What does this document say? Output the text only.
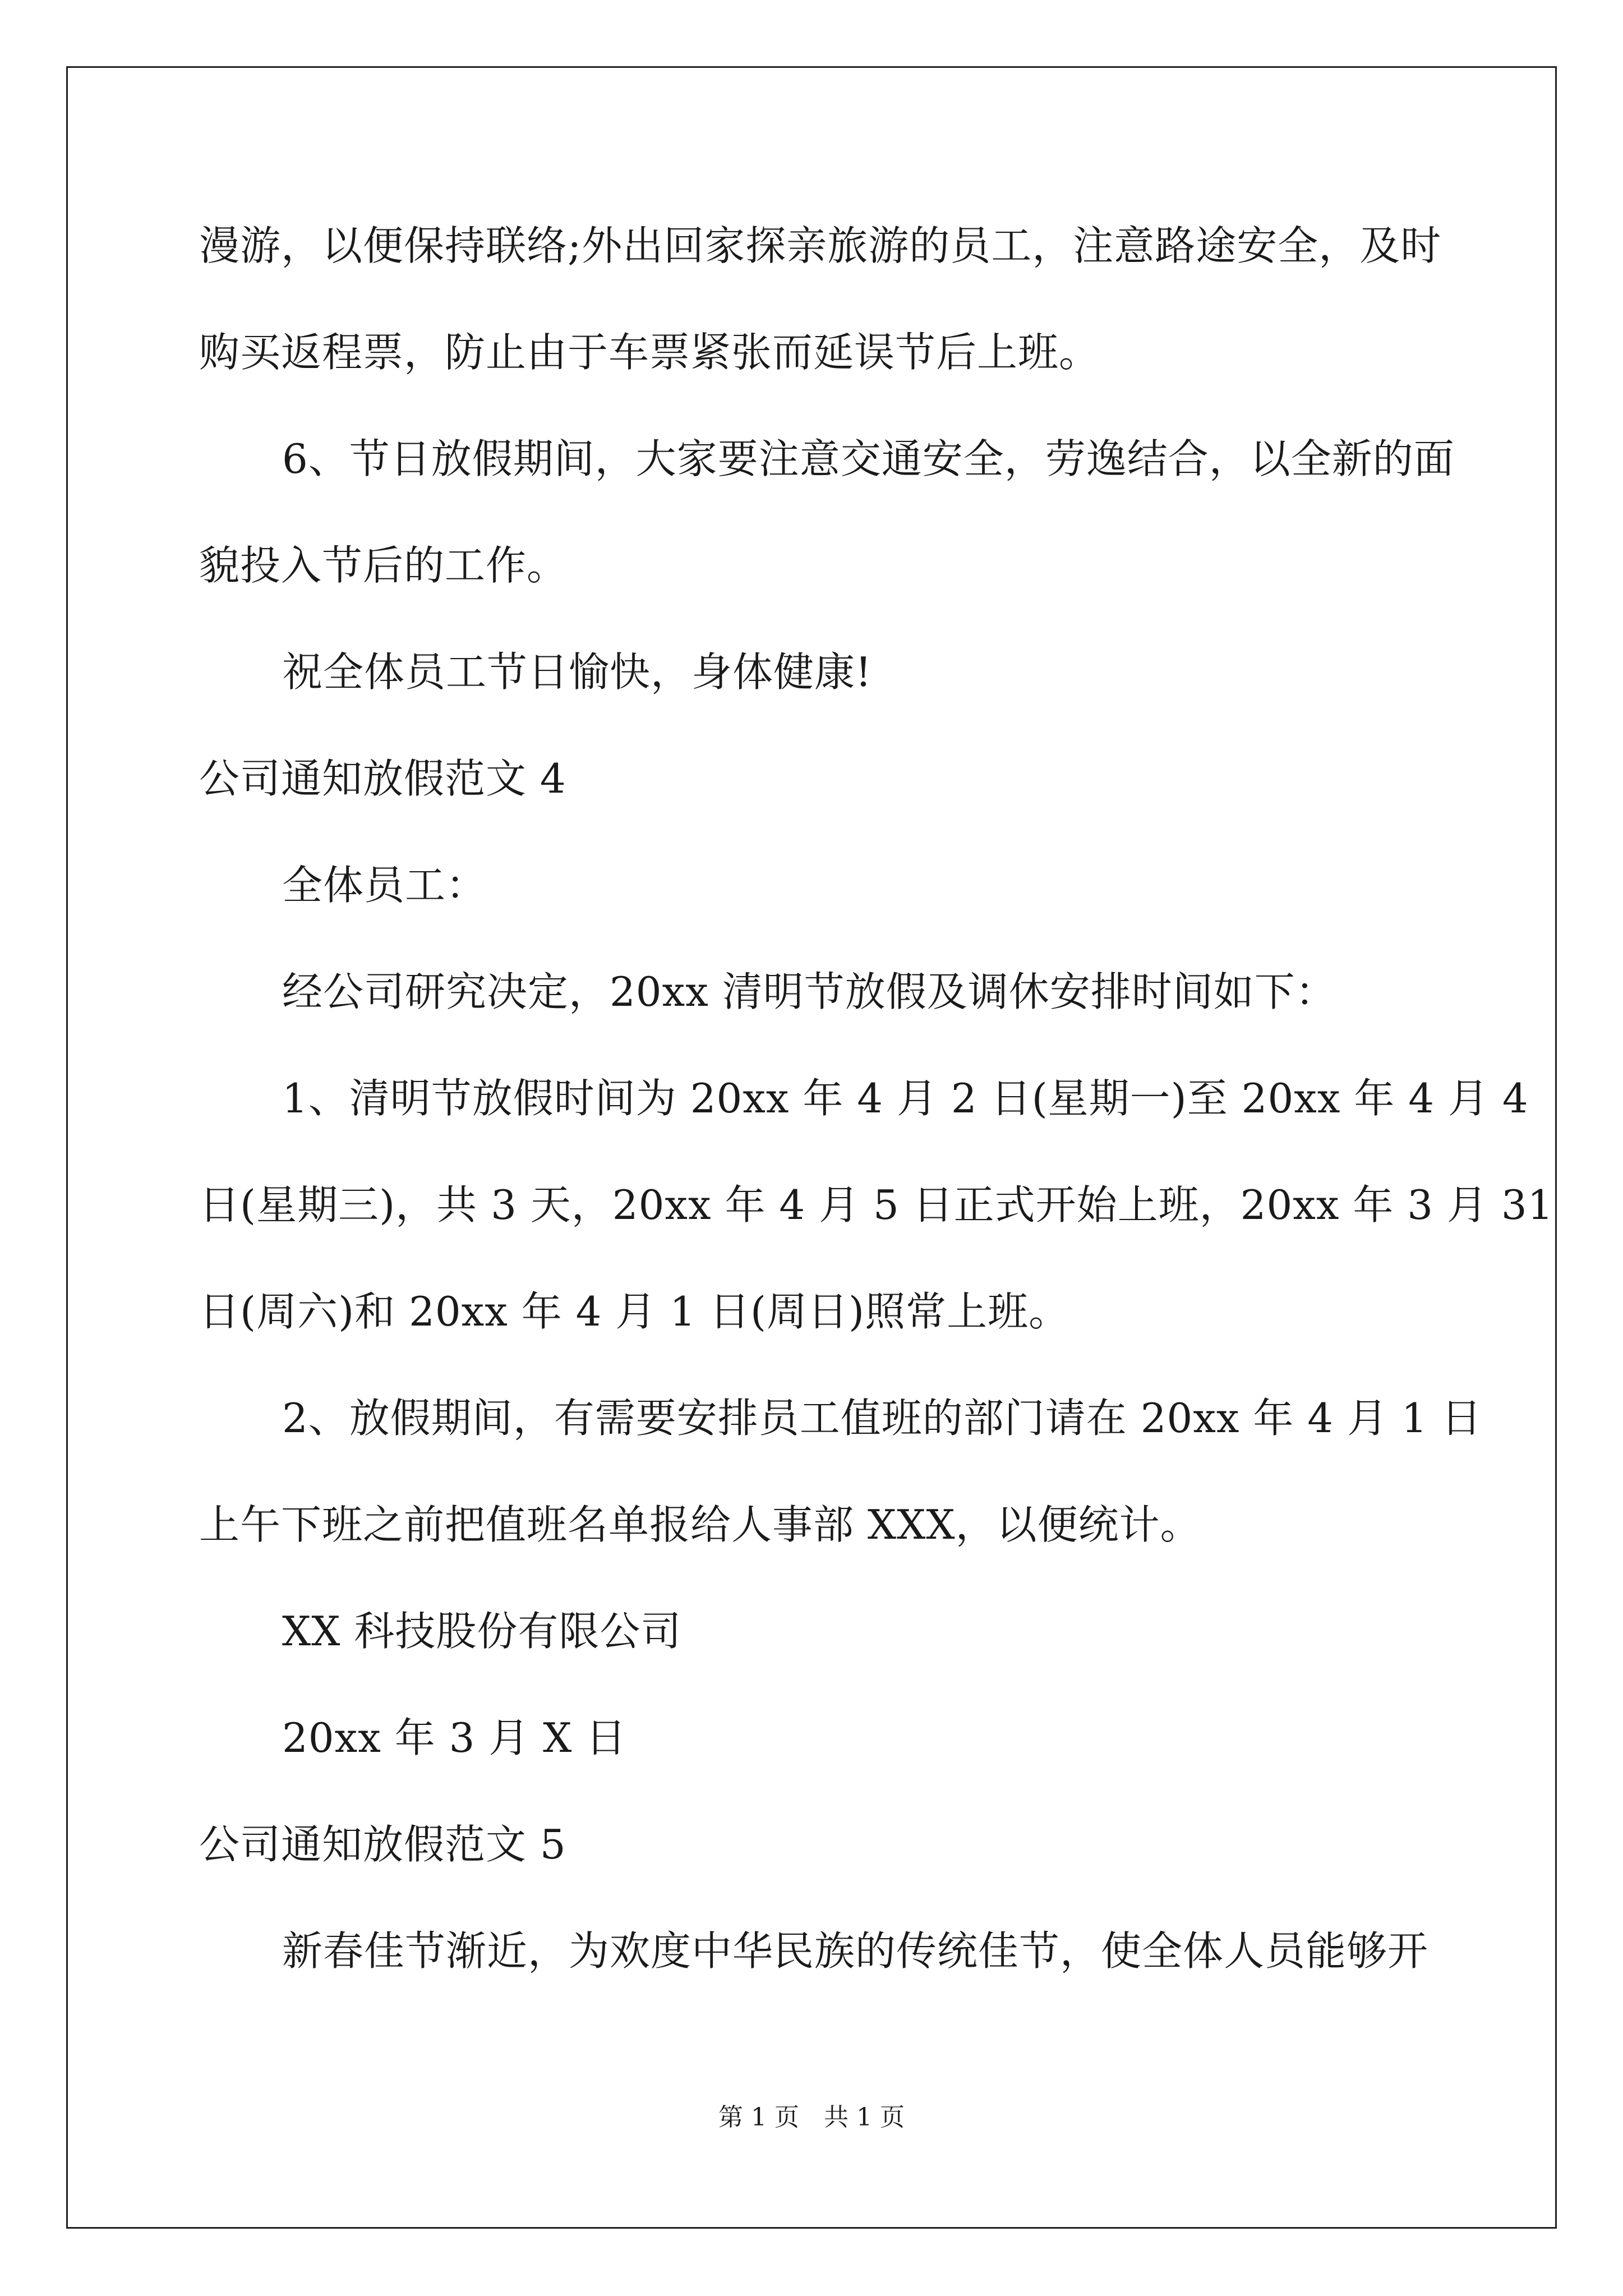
漫游，以便保持联络;外出回家探亲旅游的员工，注意路途安全，及时
购买返程票，防止由于车票紧张而延误节后上班。
6、节日放假期间，大家要注意交通安全，劳逸结合，以全新的面
貌投入节后的工作。
祝全体员工节日愉快，身体健康!
公司通知放假范文 4
全体员工：
经公司研究决定，20xx 清明节放假及调休安排时间如下：
1、清明节放假时间为 20xx 年 4 月 2 日(星期一)至 20xx 年 4 月 4
日(星期三)，共 3 天，20xx 年 4 月 5 日正式开始上班，20xx 年 3 月 31
日(周六)和 20xx 年 4 月 1 日(周日)照常上班。
2、放假期间，有需要安排员工值班的部门请在 20xx 年 4 月 1 日
上午下班之前把值班名单报给人事部 XXX，以便统计。
XX 科技股份有限公司
20xx 年 3 月 X 日
公司通知放假范文 5
新春佳节渐近，为欢度中华民族的传统佳节，使全体人员能够开
第 1 页　共 1 页
